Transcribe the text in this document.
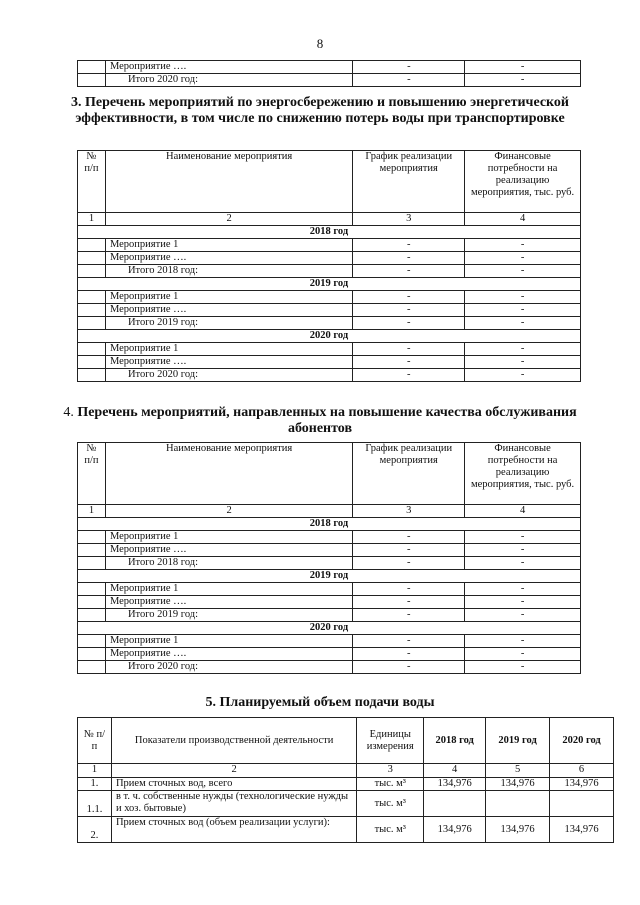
8
	Мероприятие ….	-	-
	Итого 2020 год:	-	-
3. Перечень мероприятий по энергосбережению и повышению энергетической эффективности, в том числе по снижению потерь воды при транспортировке
№ п/п	Наименование мероприятия	График реализации мероприятия	Финансовые потребности на реализацию мероприятия, тыс. руб.
1	2	3	4
2018 год			
	Мероприятие 1	-	-
	Мероприятие ….	-	-
	Итого 2018 год:	-	-
2019 год			
	Мероприятие 1	-	-
	Мероприятие ….	-	-
	Итого 2019 год:	-	-
2020 год			
	Мероприятие 1	-	-
	Мероприятие ….	-	-
	Итого 2020 год:	-	-
4. Перечень мероприятий, направленных на повышение качества обслуживания абонентов
№ п/п	Наименование мероприятия	График реализации мероприятия	Финансовые потребности на реализацию мероприятия, тыс. руб.
1	2	3	4
2018 год			
	Мероприятие 1	-	-
	Мероприятие ….	-	-
	Итого 2018 год:	-	-
2019 год			
	Мероприятие 1	-	-
	Мероприятие ….	-	-
	Итого 2019 год:	-	-
2020 год			
	Мероприятие 1	-	-
	Мероприятие ….	-	-
	Итого 2020 год:	-	-
5. Планируемый объем подачи воды
№ п/п	Показатели производственной деятельности	Единицы измерения	2018 год	2019 год	2020 год
1	2	3	4	5	6
1.	Прием сточных вод, всего	тыс. м³	134,976	134,976	134,976
1.1.	в т. ч. собственные нужды (технологические нужды и хоз. бытовые)	тыс. м³			
2.	Прием сточных вод (объем реализации услуги):	тыс. м³	134,976	134,976	134,976
